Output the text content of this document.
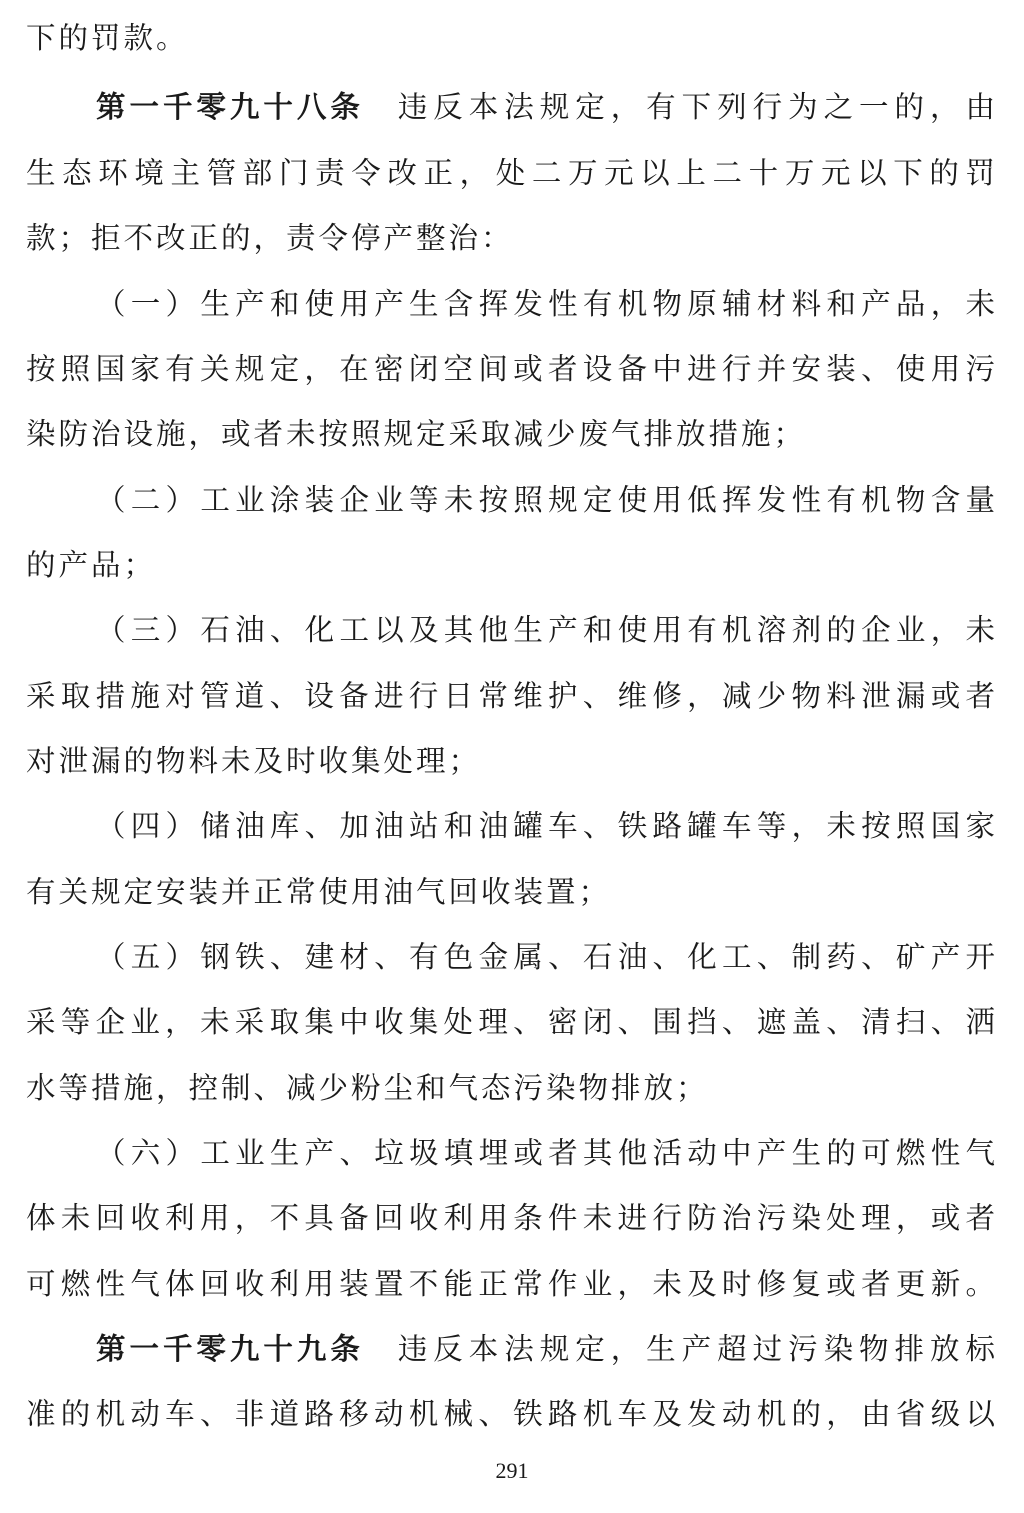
下的罚款。
第一千零九十八条 违反本法规定，有下列行为之一的，由
生态环境主管部门责令改正，处二万元以上二十万元以下的罚
款；拒不改正的，责令停产整治：
（一）生产和使用产生含挥发性有机物原辅材料和产品，未
按照国家有关规定，在密闭空间或者设备中进行并安装、使用污
染防治设施，或者未按照规定采取减少废气排放措施；
（二）工业涂装企业等未按照规定使用低挥发性有机物含量
的产品；
（三）石油、化工以及其他生产和使用有机溶剂的企业，未
采取措施对管道、设备进行日常维护、维修，减少物料泄漏或者
对泄漏的物料未及时收集处理；
（四）储油库、加油站和油罐车、铁路罐车等，未按照国家
有关规定安装并正常使用油气回收装置；
（五）钢铁、建材、有色金属、石油、化工、制药、矿产开
采等企业，未采取集中收集处理、密闭、围挡、遮盖、清扫、洒
水等措施，控制、减少粉尘和气态污染物排放；
（六）工业生产、垃圾填埋或者其他活动中产生的可燃性气
体未回收利用，不具备回收利用条件未进行防治污染处理，或者
可燃性气体回收利用装置不能正常作业，未及时修复或者更新。
第一千零九十九条 违反本法规定，生产超过污染物排放标
准的机动车、非道路移动机械、铁路机车及发动机的，由省级以
291
